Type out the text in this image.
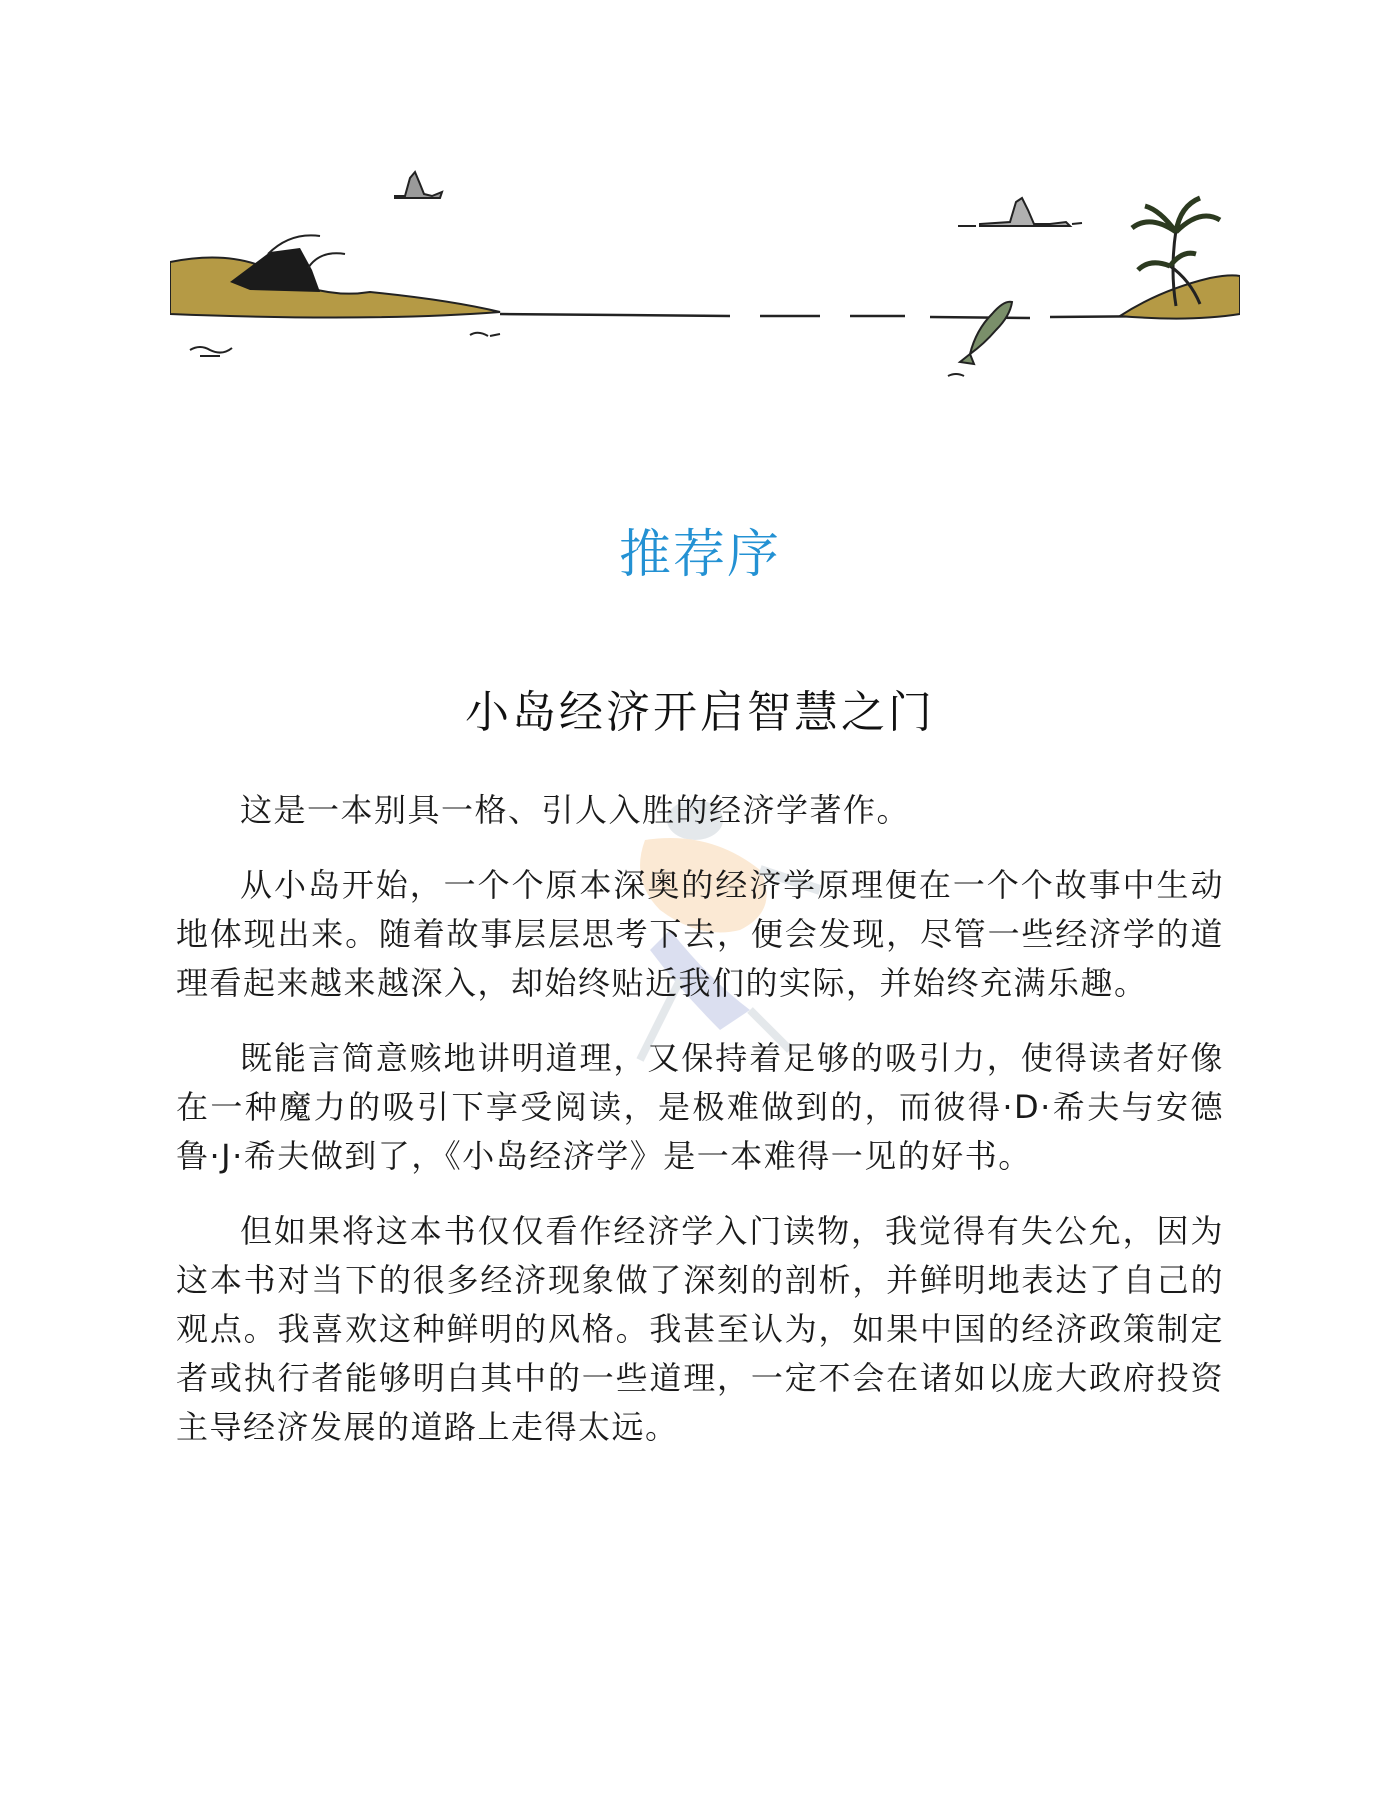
推荐序
小岛经济开启智慧之门

这是一本别具一格、引人入胜的经济学著作。

从小岛开始，一个个原本深奥的经济学原理便在一个个故事中生动地体现出来。随着故事层层思考下去，便会发现，尽管一些经济学的道理看起来越来越深入，却始终贴近我们的实际，并始终充满乐趣。

既能言简意赅地讲明道理，又保持着足够的吸引力，使得读者好像在一种魔力的吸引下享受阅读，是极难做到的，而彼得·D·希夫与安德鲁·J·希夫做到了，《小岛经济学》是一本难得一见的好书。

但如果将这本书仅仅看作经济学入门读物，我觉得有失公允，因为这本书对当下的很多经济现象做了深刻的剖析，并鲜明地表达了自己的观点。我喜欢这种鲜明的风格。我甚至认为，如果中国的经济政策制定者或执行者能够明白其中的一些道理，一定不会在诸如以庞大政府投资主导经济发展的道路上走得太远。
